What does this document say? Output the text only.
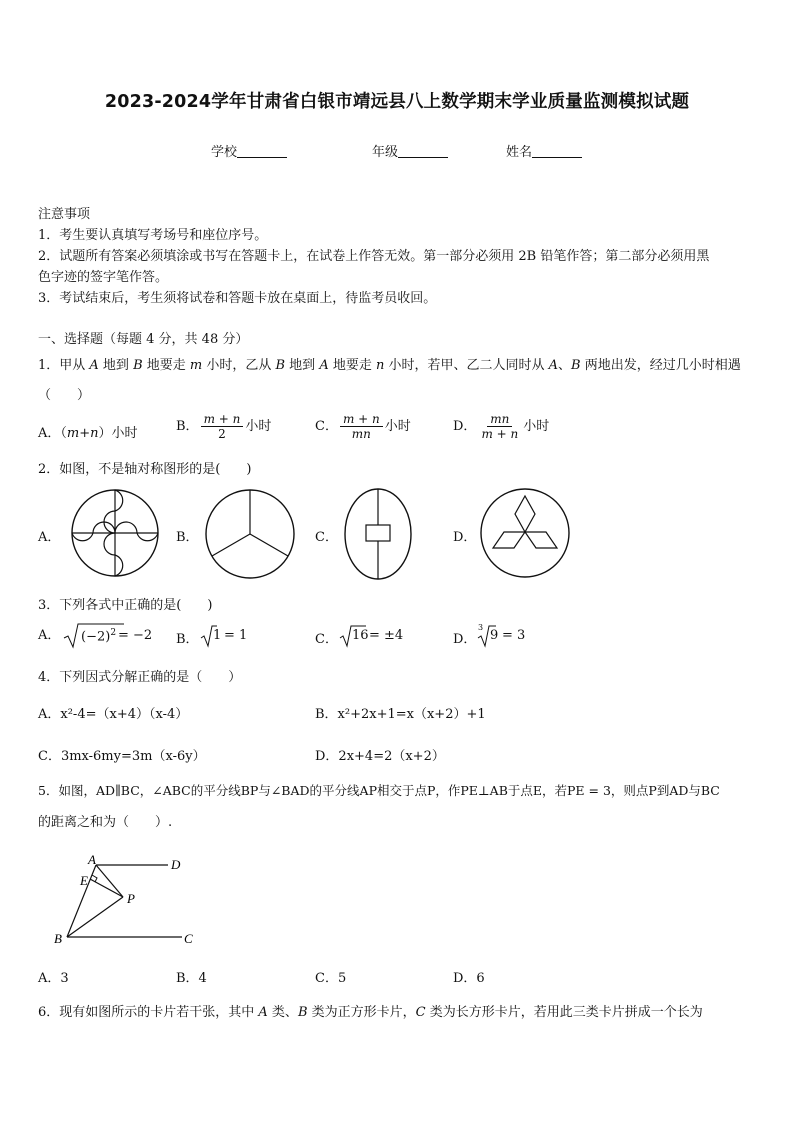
2023-2024学年甘肃省白银市靖远县八上数学期末学业质量监测模拟试题
学校	年级	姓名
注意事项
1．考生要认真填写考场号和座位序号。
2．试题所有答案必须填涂或书写在答题卡上，在试卷上作答无效。第一部分必须用 2B 铅笔作答；第二部分必须用黑
色字迹的签字笔作答。
3．考试结束后，考生须将试卷和答题卡放在桌面上，待监考员收回。
一、选择题（每题 4 分，共 48 分）
1．甲从 A 地到 B 地要走 m 小时，乙从 B 地到 A 地要走 n 小时，若甲、乙二人同时从 A、B 两地出发，经过几小时相遇
（　　）
A．（m+n）小时	B． $\frac{m + n}{2}$ 小时	C． $\frac{m + n}{mn}$ 小时	D． $\frac{mn}{m + n}$ 小时
2．如图，不是轴对称图形的是(　　)
A．	B．	C．	D．
3．下列各式中正确的是(　　)
A． $(-2)^2 = -2$ B． 1 = 1	C． 16 = ±4	D．
3
9 = 3
4．下列因式分解正确的是（　　）
A．x²-4=（x+4）（x-4）	B．x²+2x+1=x（x+2）+1
C．3mx-6my=3m（x-6y）	D．2x+4=2（x+2）
5．如图，AD∥BC，∠ABC的平分线BP与∠BAD的平分线AP相交于点P，作PE⊥AB于点E，若PE = 3，则点P到AD与BC
的距离之和为（　　）.
A	D
E
P
B	C
A．3	B．4	C．5	D．6
6．现有如图所示的卡片若干张，其中 A 类、B 类为正方形卡片，C 类为长方形卡片，若用此三类卡片拼成一个长为
